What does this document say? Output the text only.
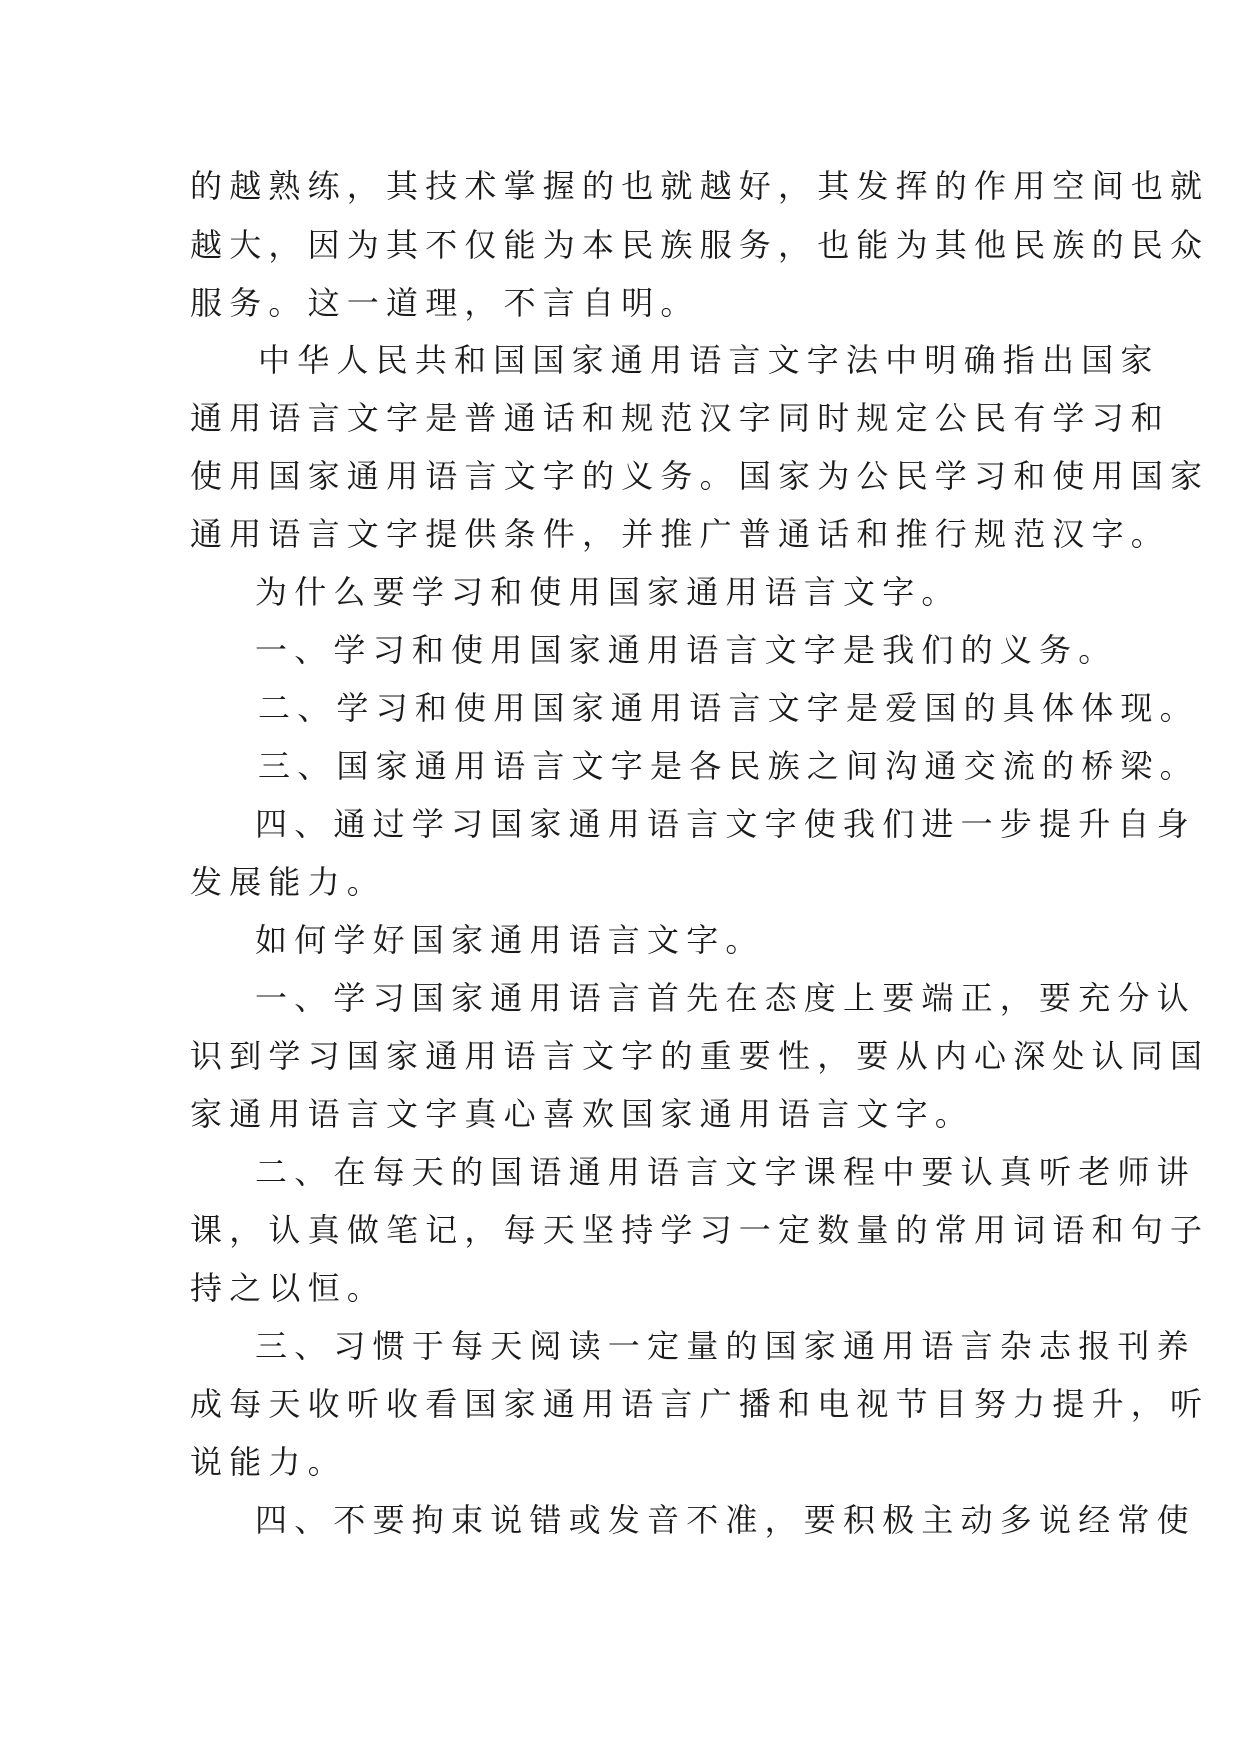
的越熟练，其技术掌握的也就越好，其发挥的作用空间也就
越大，因为其不仅能为本民族服务，也能为其他民族的民众
服务。这一道理，不言自明。
中华人民共和国国家通用语言文字法中明确指出国家
通用语言文字是普通话和规范汉字同时规定公民有学习和
使用国家通用语言文字的义务。国家为公民学习和使用国家
通用语言文字提供条件，并推广普通话和推行规范汉字。
为什么要学习和使用国家通用语言文字。
一、学习和使用国家通用语言文字是我们的义务。
二、学习和使用国家通用语言文字是爱国的具体体现。
三、国家通用语言文字是各民族之间沟通交流的桥梁。
四、通过学习国家通用语言文字使我们进一步提升自身
发展能力。
如何学好国家通用语言文字。
一、学习国家通用语言首先在态度上要端正，要充分认
识到学习国家通用语言文字的重要性，要从内心深处认同国
家通用语言文字真心喜欢国家通用语言文字。
二、在每天的国语通用语言文字课程中要认真听老师讲
课，认真做笔记，每天坚持学习一定数量的常用词语和句子
持之以恒。
三、习惯于每天阅读一定量的国家通用语言杂志报刊养
成每天收听收看国家通用语言广播和电视节目努力提升，听
说能力。
四、不要拘束说错或发音不准，要积极主动多说经常使
